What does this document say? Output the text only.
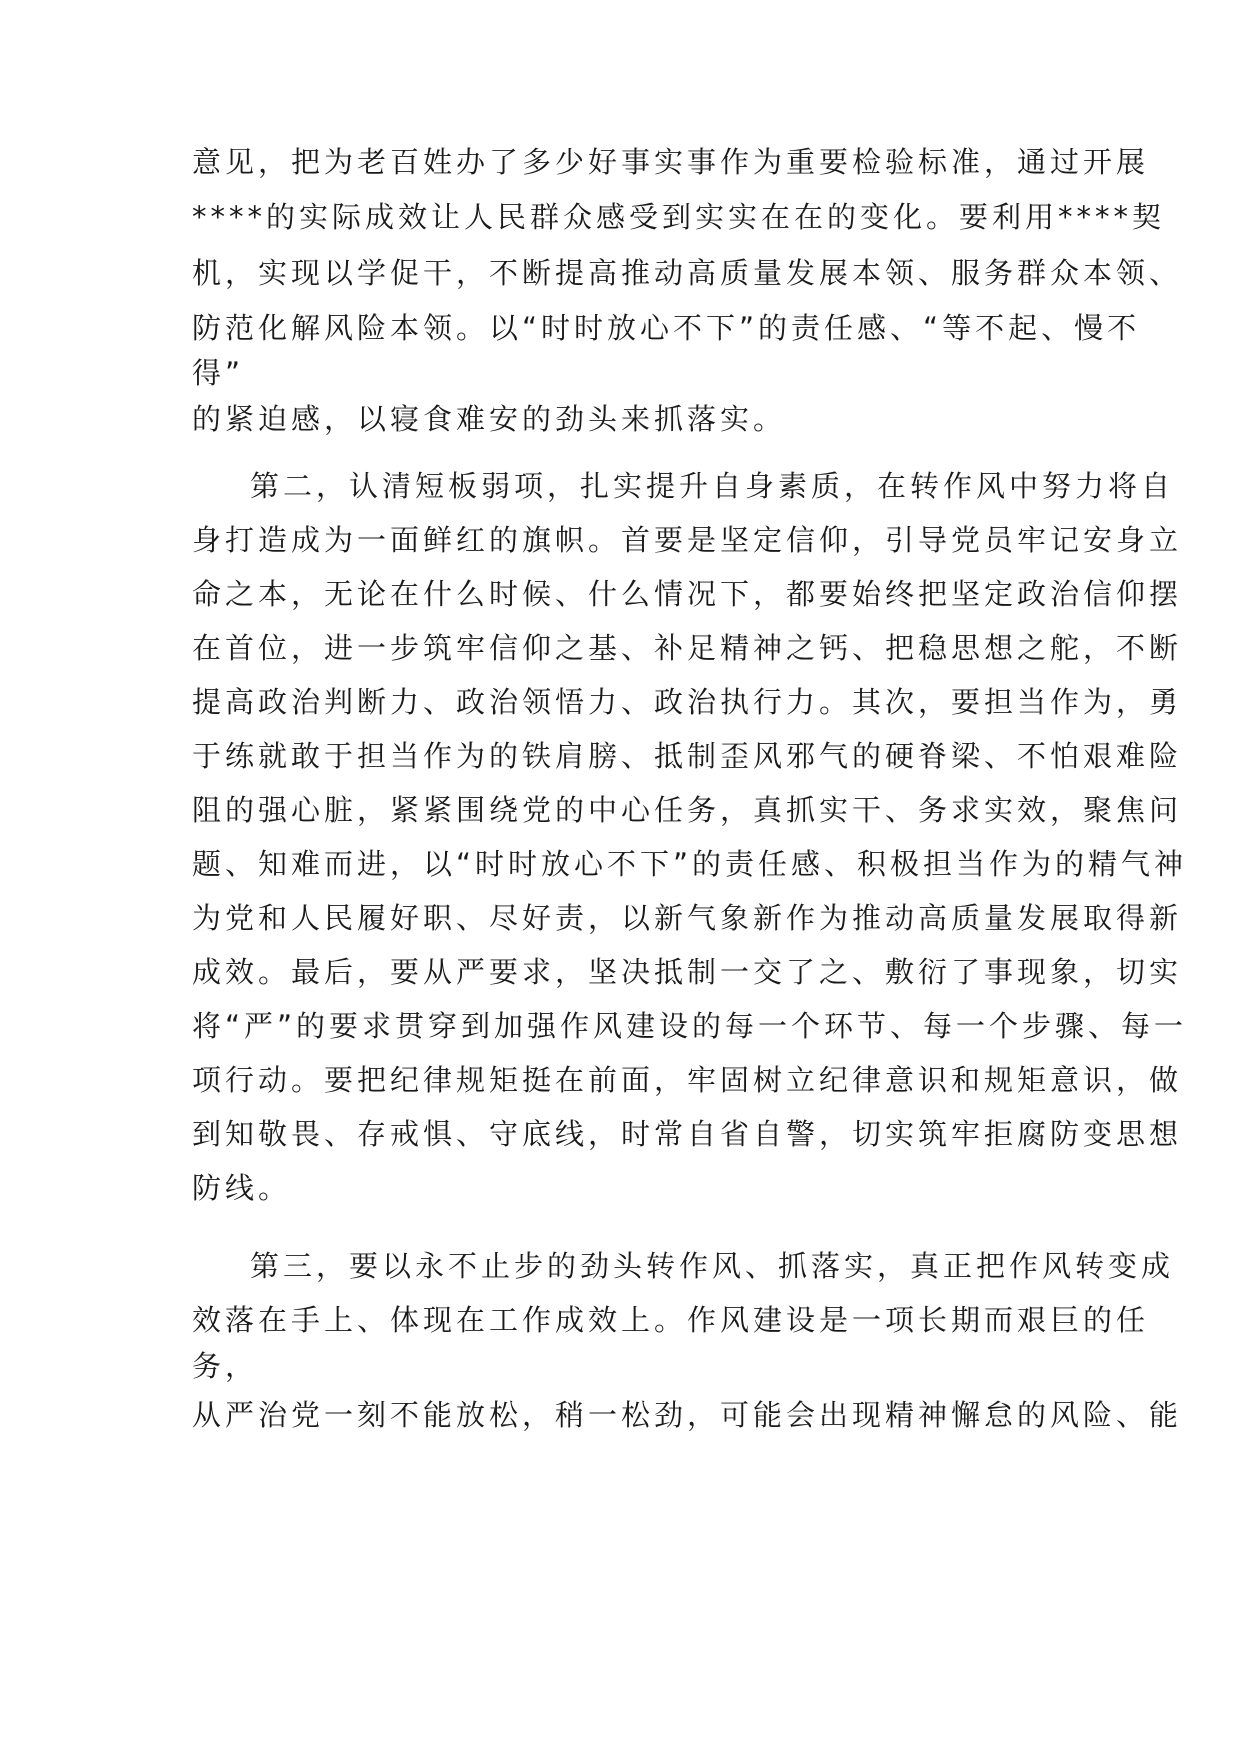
意见，把为老百姓办了多少好事实事作为重要检验标准，通过开展
****的实际成效让人民群众感受到实实在在的变化。要利用****契
机，实现以学促干，不断提高推动高质量发展本领、服务群众本领、
防范化解风险本领。以“时时放心不下”的责任感、“等不起、慢不
得”
的紧迫感，以寝食难安的劲头来抓落实。
第二，认清短板弱项，扎实提升自身素质，在转作风中努力将自
身打造成为一面鲜红的旗帜。首要是坚定信仰，引导党员牢记安身立
命之本，无论在什么时候、什么情况下，都要始终把坚定政治信仰摆
在首位，进一步筑牢信仰之基、补足精神之钙、把稳思想之舵，不断
提高政治判断力、政治领悟力、政治执行力。其次，要担当作为，勇
于练就敢于担当作为的铁肩膀、抵制歪风邪气的硬脊梁、不怕艰难险
阻的强心脏，紧紧围绕党的中心任务，真抓实干、务求实效，聚焦问
题、知难而进，以“时时放心不下”的责任感、积极担当作为的精气神
为党和人民履好职、尽好责，以新气象新作为推动高质量发展取得新
成效。最后，要从严要求，坚决抵制一交了之、敷衍了事现象，切实
将“严”的要求贯穿到加强作风建设的每一个环节、每一个步骤、每一
项行动。要把纪律规矩挺在前面，牢固树立纪律意识和规矩意识，做
到知敬畏、存戒惧、守底线，时常自省自警，切实筑牢拒腐防变思想
防线。
第三，要以永不止步的劲头转作风、抓落实，真正把作风转变成
效落在手上、体现在工作成效上。作风建设是一项长期而艰巨的任
务，
从严治党一刻不能放松，稍一松劲，可能会出现精神懈怠的风险、能
